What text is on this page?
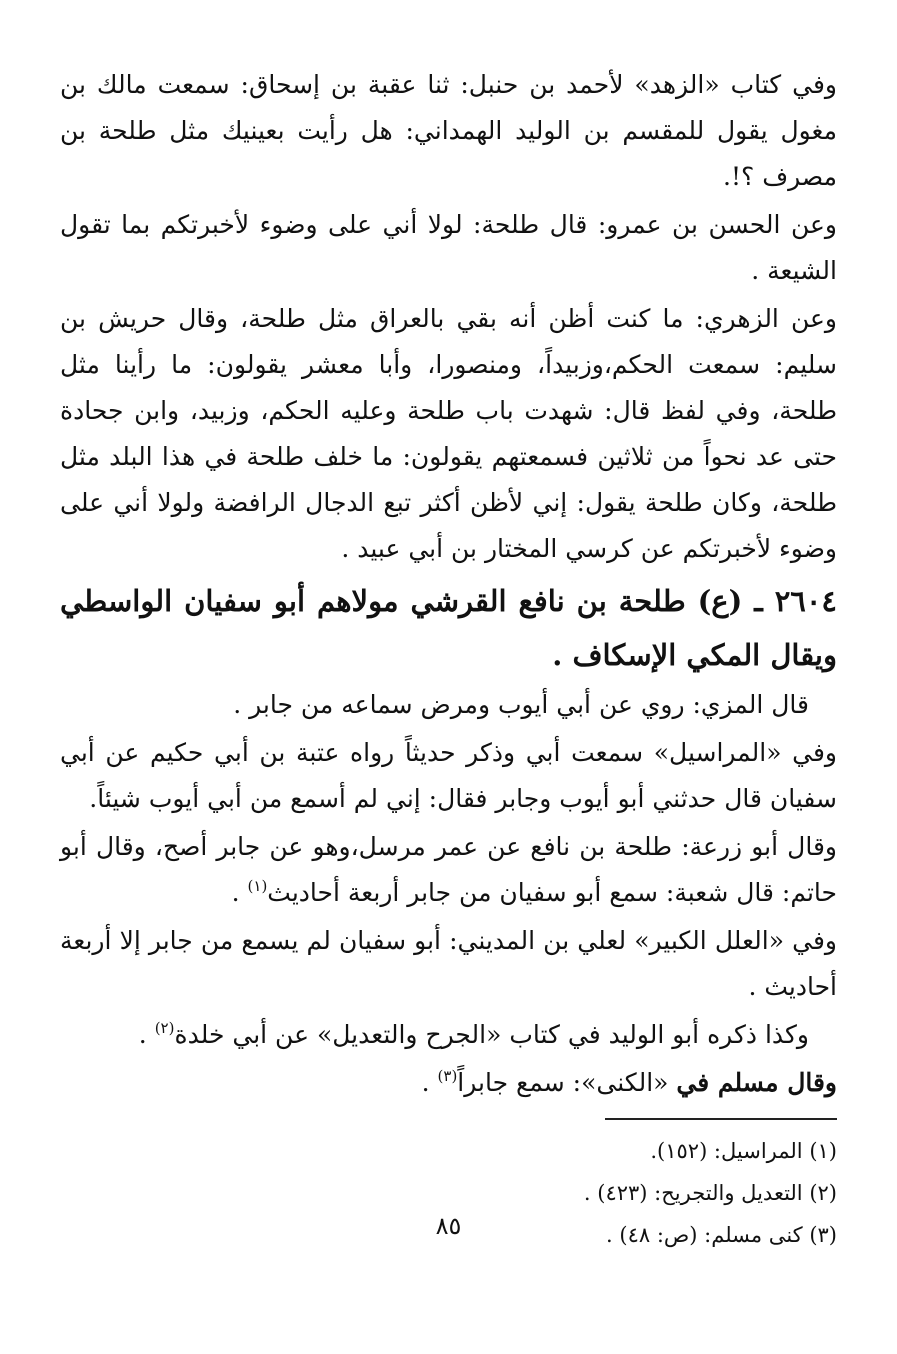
وفي كتاب «الزهد» لأحمد بن حنبل: ثنا عقبة بن إسحاق: سمعت مالك بن مغول يقول للمقسم بن الوليد الهمداني: هل رأيت بعينيك مثل طلحة بن مصرف ؟!.

وعن الحسن بن عمرو: قال طلحة: لولا أني على وضوء لأخبرتكم بما تقول الشيعة .

وعن الزهري: ما كنت أظن أنه بقي بالعراق مثل طلحة، وقال حريش بن سليم: سمعت الحكم،وزبيداً، ومنصورا، وأبا معشر يقولون: ما رأينا مثل طلحة، وفي لفظ قال: شهدت باب طلحة وعليه الحكم، وزبيد، وابن جحادة حتى عد نحواً من ثلاثين فسمعتهم يقولون: ما خلف طلحة في هذا البلد مثل طلحة، وكان طلحة يقول: إني لأظن أكثر تبع الدجال الرافضة ولولا أني على وضوء لأخبرتكم عن كرسي المختار بن أبي عبيد .

٢٦٠٤ ـ (ع) طلحة بن نافع القرشي مولاهم أبو سفيان الواسطي ويقال المكي الإسكاف .

قال المزي: روي عن أبي أيوب ومرض سماعه من جابر .

وفي «المراسيل» سمعت أبي وذكر حديثاً رواه عتبة بن أبي حكيم عن أبي سفيان قال حدثني أبو أيوب وجابر فقال: إني لم أسمع من أبي أيوب شيئاً.

وقال أبو زرعة: طلحة بن نافع عن عمر مرسل،وهو عن جابر أصح، وقال أبو حاتم: قال شعبة: سمع أبو سفيان من جابر أربعة أحاديث$^{(١)}$ .

وفي «العلل الكبير» لعلي بن المديني: أبو سفيان لم يسمع من جابر إلا أربعة أحاديث .

وكذا ذكره أبو الوليد في كتاب «الجرح والتعديل» عن أبي خلدة$^{(٢)}$ .

وقال مسلم في «الكنى»: سمع جابراً$^{(٣)}$ .

(١) المراسيل: (١٥٢).

(٢) التعديل والتجريح: (٤٢٣) .

(٣) كنى مسلم: (ص: ٤٨) .

٨٥
